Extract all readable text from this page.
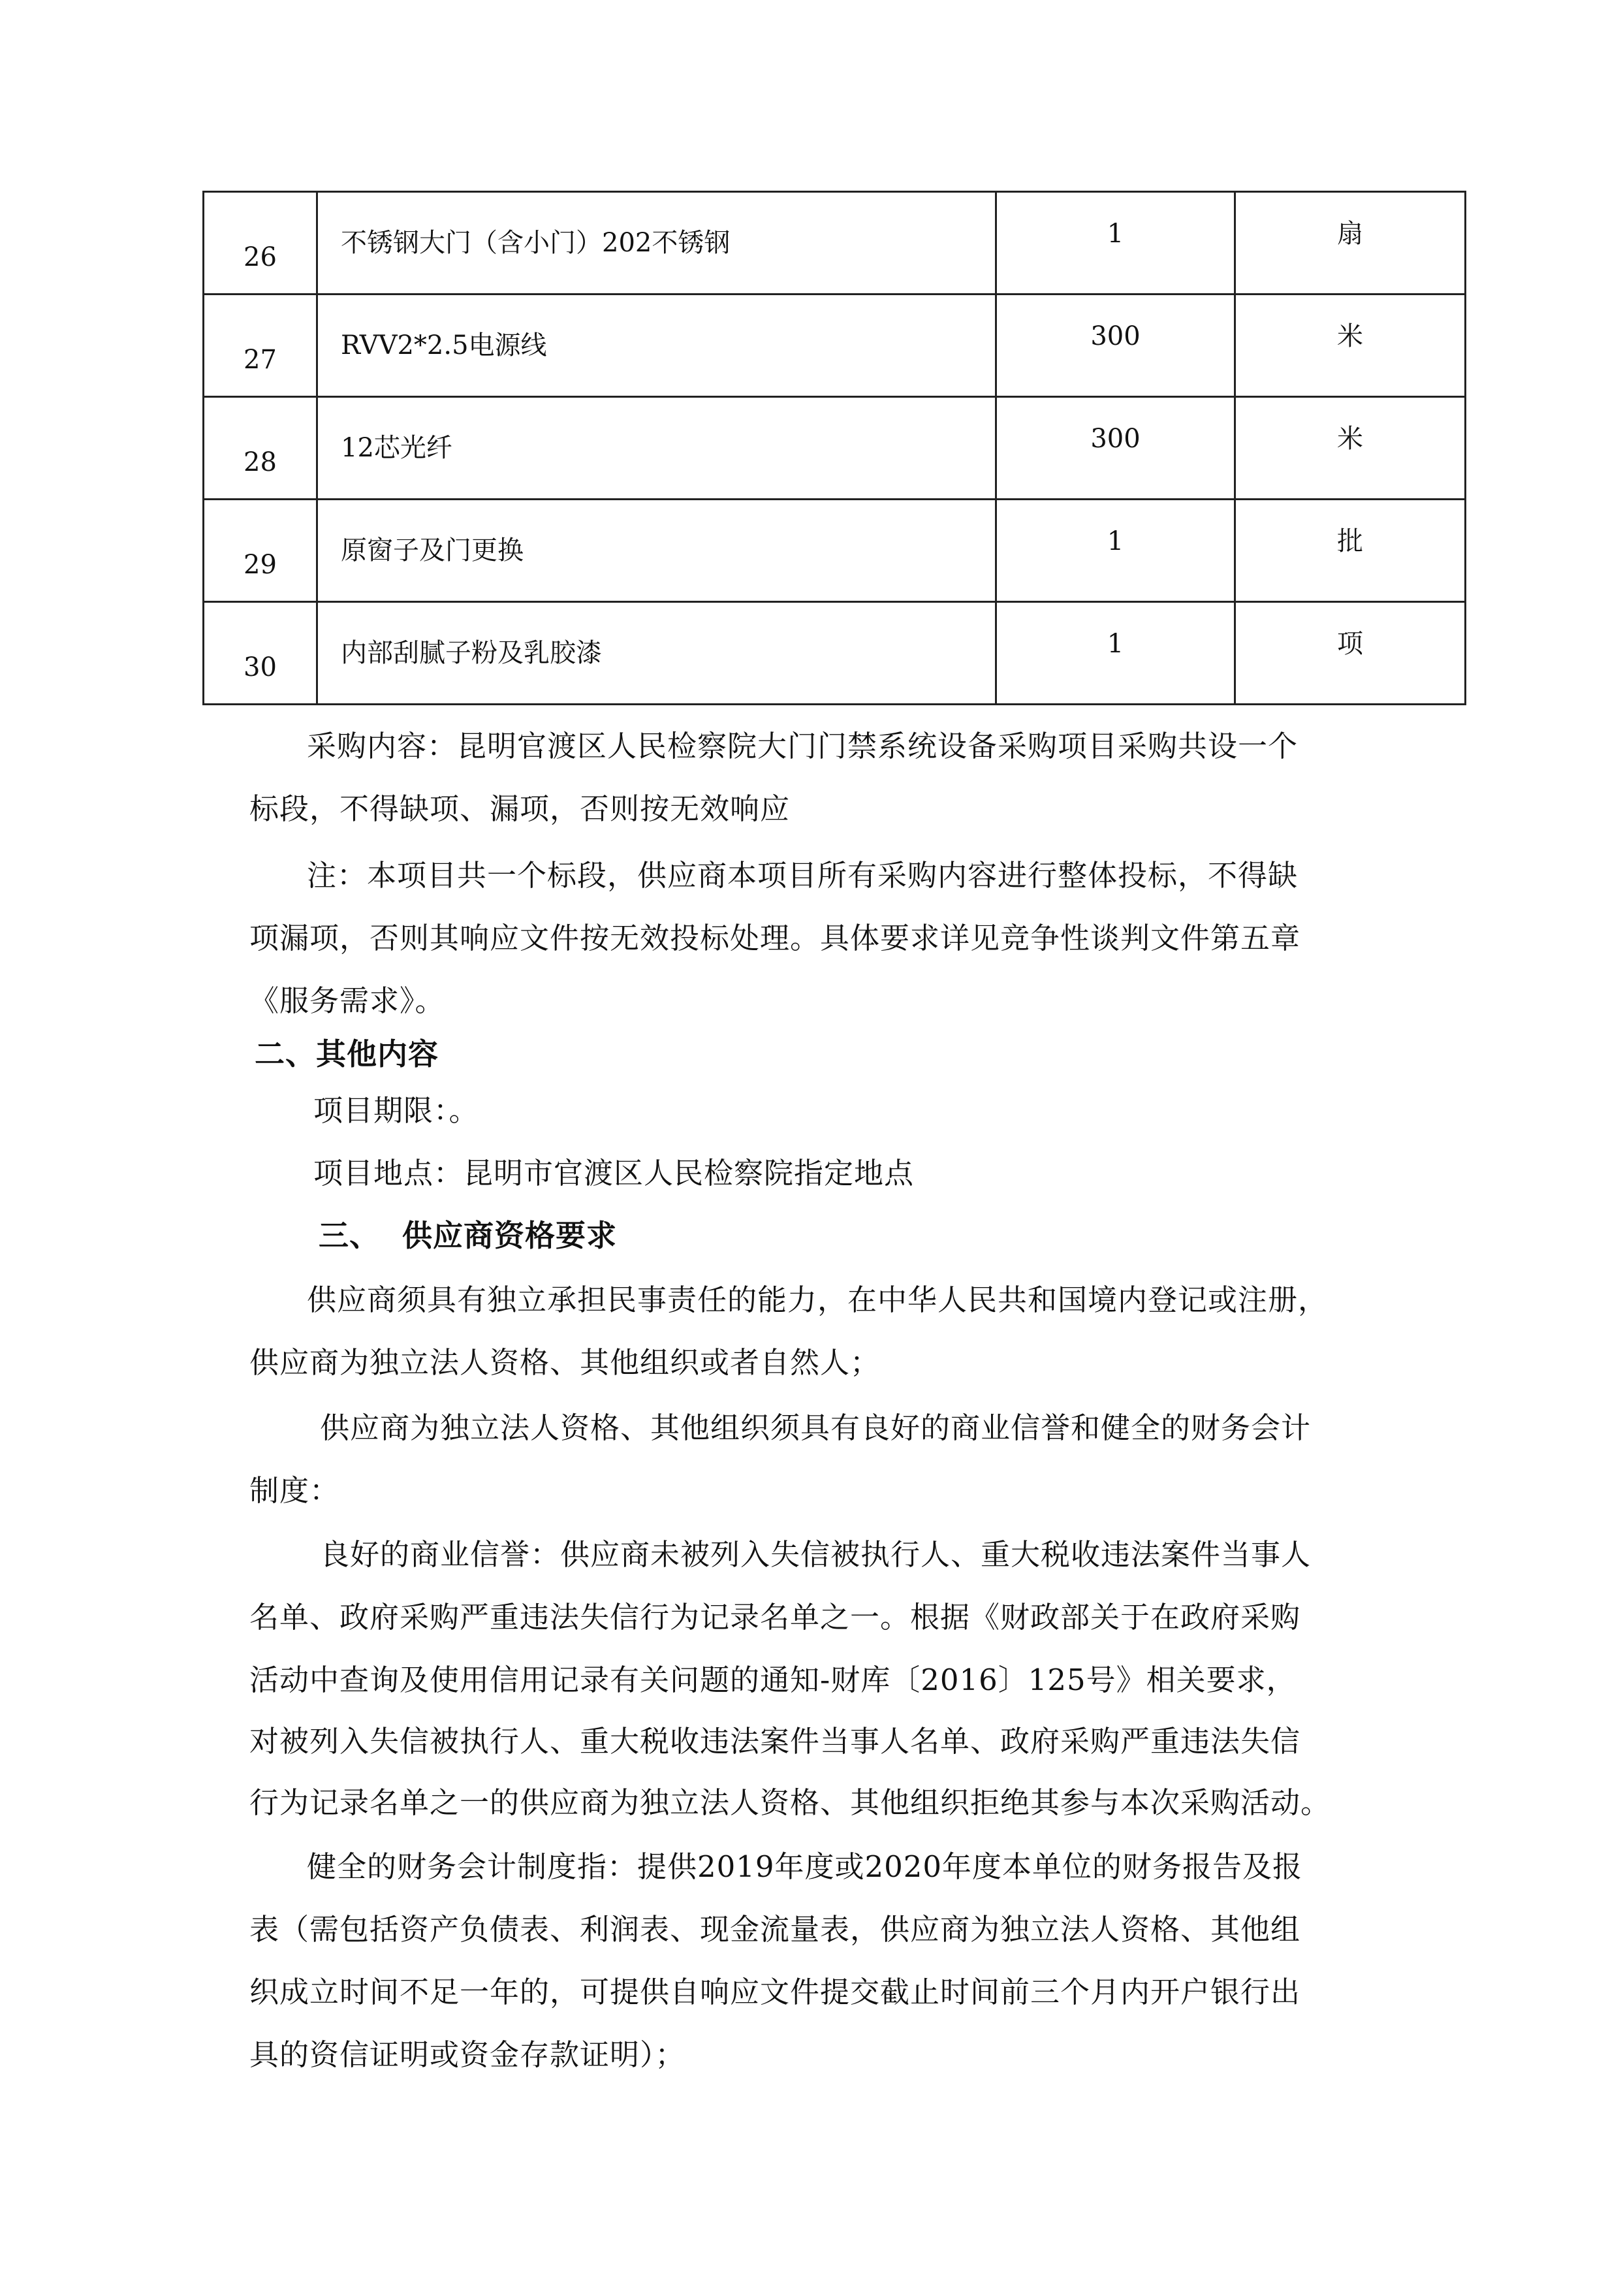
26	不锈钢大门（含小门）202不锈钢	1	扇
27	RVV2*2.5电源线	300	米
28	12芯光纤	300	米
29	原窗子及门更换	1	批
30	内部刮腻子粉及乳胶漆	1	项

采购内容：昆明官渡区人民检察院大门门禁系统设备采购项目采购共设一个

标段，不得缺项、漏项，否则按无效响应

注：本项目共一个标段，供应商本项目所有采购内容进行整体投标，不得缺

项漏项，否则其响应文件按无效投标处理。具体要求详见竞争性谈判文件第五章

《服务需求》。

二、其他内容

项目期限：。

项目地点：昆明市官渡区人民检察院指定地点

三、  供应商资格要求

供应商须具有独立承担民事责任的能力，在中华人民共和国境内登记或注册，

供应商为独立法人资格、其他组织或者自然人；

供应商为独立法人资格、其他组织须具有良好的商业信誉和健全的财务会计

制度：

良好的商业信誉：供应商未被列入失信被执行人、重大税收违法案件当事人

名单、政府采购严重违法失信行为记录名单之一。根据《财政部关于在政府采购

活动中查询及使用信用记录有关问题的通知-财库〔2016〕125号》相关要求，

对被列入失信被执行人、重大税收违法案件当事人名单、政府采购严重违法失信

行为记录名单之一的供应商为独立法人资格、其他组织拒绝其参与本次采购活动。

健全的财务会计制度指：提供2019年度或2020年度本单位的财务报告及报

表（需包括资产负债表、利润表、现金流量表，供应商为独立法人资格、其他组

织成立时间不足一年的，可提供自响应文件提交截止时间前三个月内开户银行出

具的资信证明或资金存款证明）；
